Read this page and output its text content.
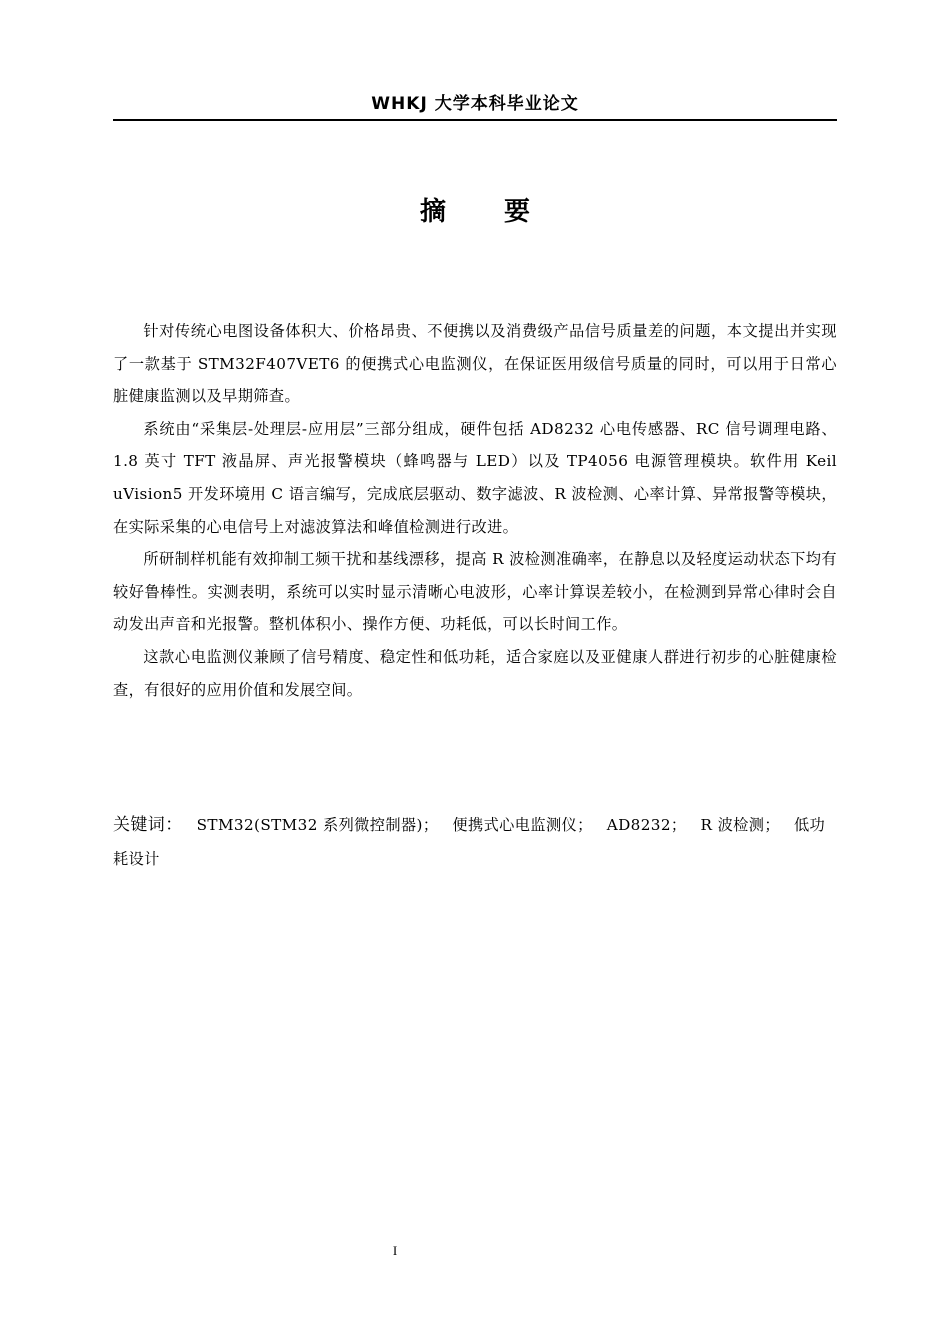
WHKJ 大学本科毕业论文
摘 要

针对传统心电图设备体积大、价格昂贵、不便携以及消费级产品信号质量差的问题，本文提出并实现了一款基于 STM32F407VET6 的便携式心电监测仪，在保证医用级信号质量的同时，可以用于日常心脏健康监测以及早期筛查。

系统由“采集层-处理层-应用层”三部分组成，硬件包括 AD8232 心电传感器、RC 信号调理电路、1.8 英寸 TFT 液晶屏、声光报警模块（蜂鸣器与 LED）以及 TP4056 电源管理模块。软件用 Keil uVision5 开发环境用 C 语言编写，完成底层驱动、数字滤波、R 波检测、心率计算、异常报警等模块，在实际采集的心电信号上对滤波算法和峰值检测进行改进。

所研制样机能有效抑制工频干扰和基线漂移，提高 R 波检测准确率，在静息以及轻度运动状态下均有较好鲁棒性。实测表明，系统可以实时显示清晰心电波形，心率计算误差较小，在检测到异常心律时会自动发出声音和光报警。整机体积小、操作方便、功耗低，可以长时间工作。

这款心电监测仪兼顾了信号精度、稳定性和低功耗，适合家庭以及亚健康人群进行初步的心脏健康检查，有很好的应用价值和发展空间。

关键词： STM32(STM32 系列微控制器)； 便携式心电监测仪； AD8232； R 波检测； 低功耗设计
I
